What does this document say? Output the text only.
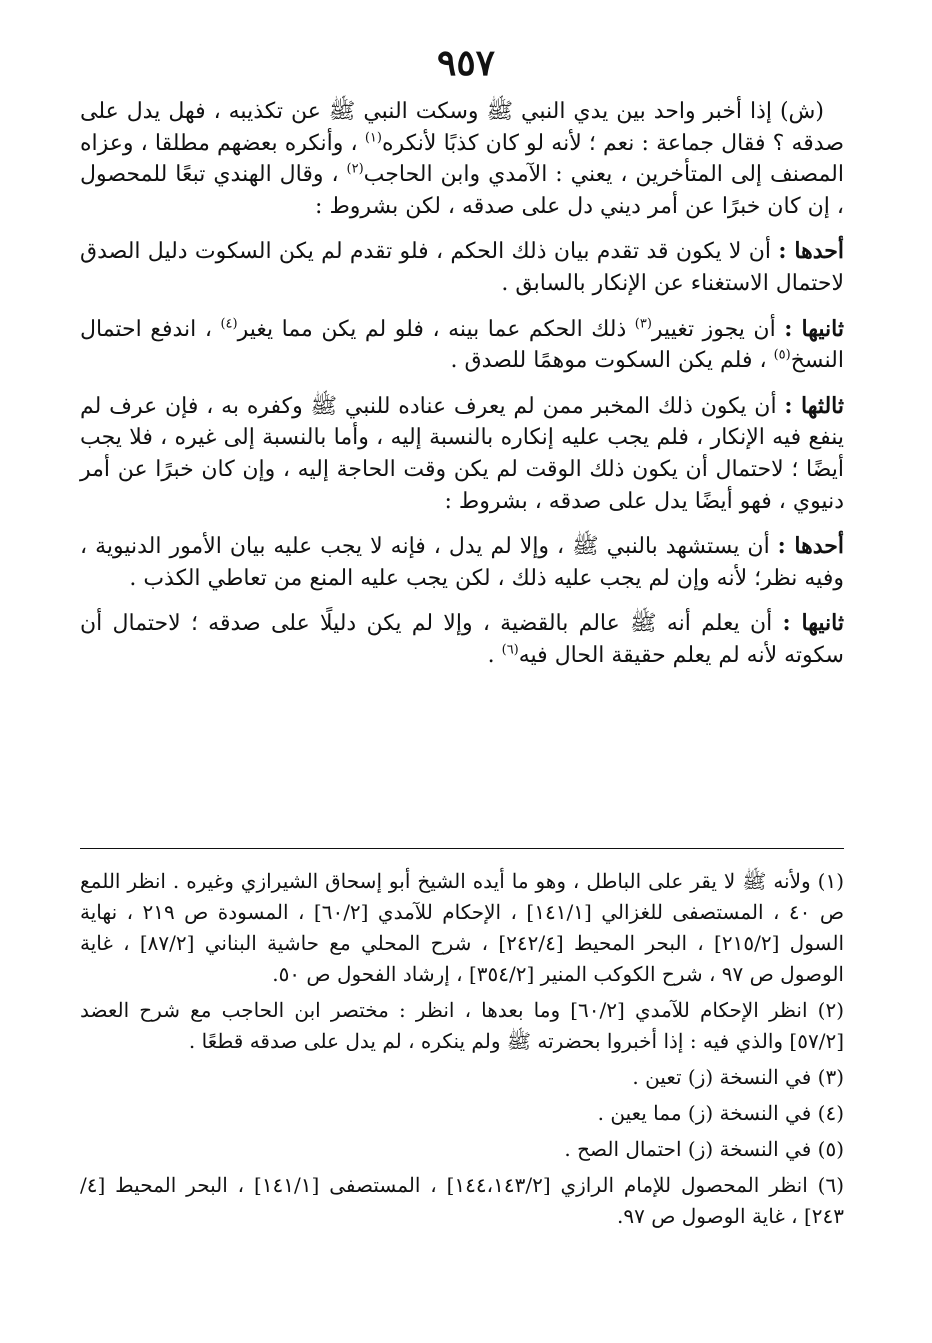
٩٥٧

(ش) إذا أخبر واحد بين يدي النبي ﷺ وسكت النبي ﷺ عن تكذيبه ، فهل يدل على صدقه ؟ فقال جماعة : نعم ؛ لأنه لو كان كذبًا لأنكره$^{(١)}$ ، وأنكره بعضهم مطلقا ، وعزاه المصنف إلى المتأخرين ، يعني : الآمدي وابن الحاجب$^{(٢)}$ ، وقال الهندي تبعًا للمحصول ، إن كان خبرًا عن أمر ديني دل على صدقه ، لكن بشروط :

أحدها : أن لا يكون قد تقدم بيان ذلك الحكم ، فلو تقدم لم يكن السكوت دليل الصدق لاحتمال الاستغناء عن الإنكار بالسابق .

ثانيها : أن يجوز تغيير$^{(٣)}$ ذلك الحكم عما بينه ، فلو لم يكن مما يغير$^{(٤)}$ ، اندفع احتمال النسخ$^{(٥)}$ ، فلم يكن السكوت موهمًا للصدق .

ثالثها : أن يكون ذلك المخبر ممن لم يعرف عناده للنبي ﷺ وكفره به ، فإن عرف لم ينفع فيه الإنكار ، فلم يجب عليه إنكاره بالنسبة إليه ، وأما بالنسبة إلى غيره ، فلا يجب أيضًا ؛ لاحتمال أن يكون ذلك الوقت لم يكن وقت الحاجة إليه ، وإن كان خبرًا عن أمر دنيوي ، فهو أيضًا يدل على صدقه ، بشروط :

أحدها : أن يستشهد بالنبي ﷺ ، وإلا لم يدل ، فإنه لا يجب عليه بيان الأمور الدنيوية ، وفيه نظر؛ لأنه وإن لم يجب عليه ذلك ، لكن يجب عليه المنع من تعاطي الكذب .

ثانيها : أن يعلم أنه ﷺ عالم بالقضية ، وإلا لم يكن دليلًا على صدقه ؛ لاحتمال أن سكوته لأنه لم يعلم حقيقة الحال فيه$^{(٦)}$ .

(١) ولأنه ﷺ لا يقر على الباطل ، وهو ما أيده الشيخ أبو إسحاق الشيرازي وغيره . انظر اللمع ص ٤٠ ، المستصفى للغزالي [١٤١/١] ، الإحكام للآمدي [٦٠/٢] ، المسودة ص ٢١٩ ، نهاية السول [٢١٥/٢] ، البحر المحيط [٢٤٢/٤] ، شرح المحلي مع حاشية البناني [٨٧/٢] ، غاية الوصول ص ٩٧ ، شرح الكوكب المنير [٣٥٤/٢] ، إرشاد الفحول ص ٥٠.

(٢) انظر الإحكام للآمدي [٦٠/٢] وما بعدها ، انظر : مختصر ابن الحاجب مع شرح العضد [٥٧/٢] والذي فيه : إذا أخبروا بحضرته ﷺ ولم ينكره ، لم يدل على صدقه قطعًا .

(٣) في النسخة (ز) تعين .

(٤) في النسخة (ز) مما يعين .

(٥) في النسخة (ز) احتمال الصح .

(٦) انظر المحصول للإمام الرازي [١٤٤،١٤٣/٢] ، المستصفى [١٤١/١] ، البحر المحيط [٤/ ٢٤٣] ، غاية الوصول ص ٩٧.
